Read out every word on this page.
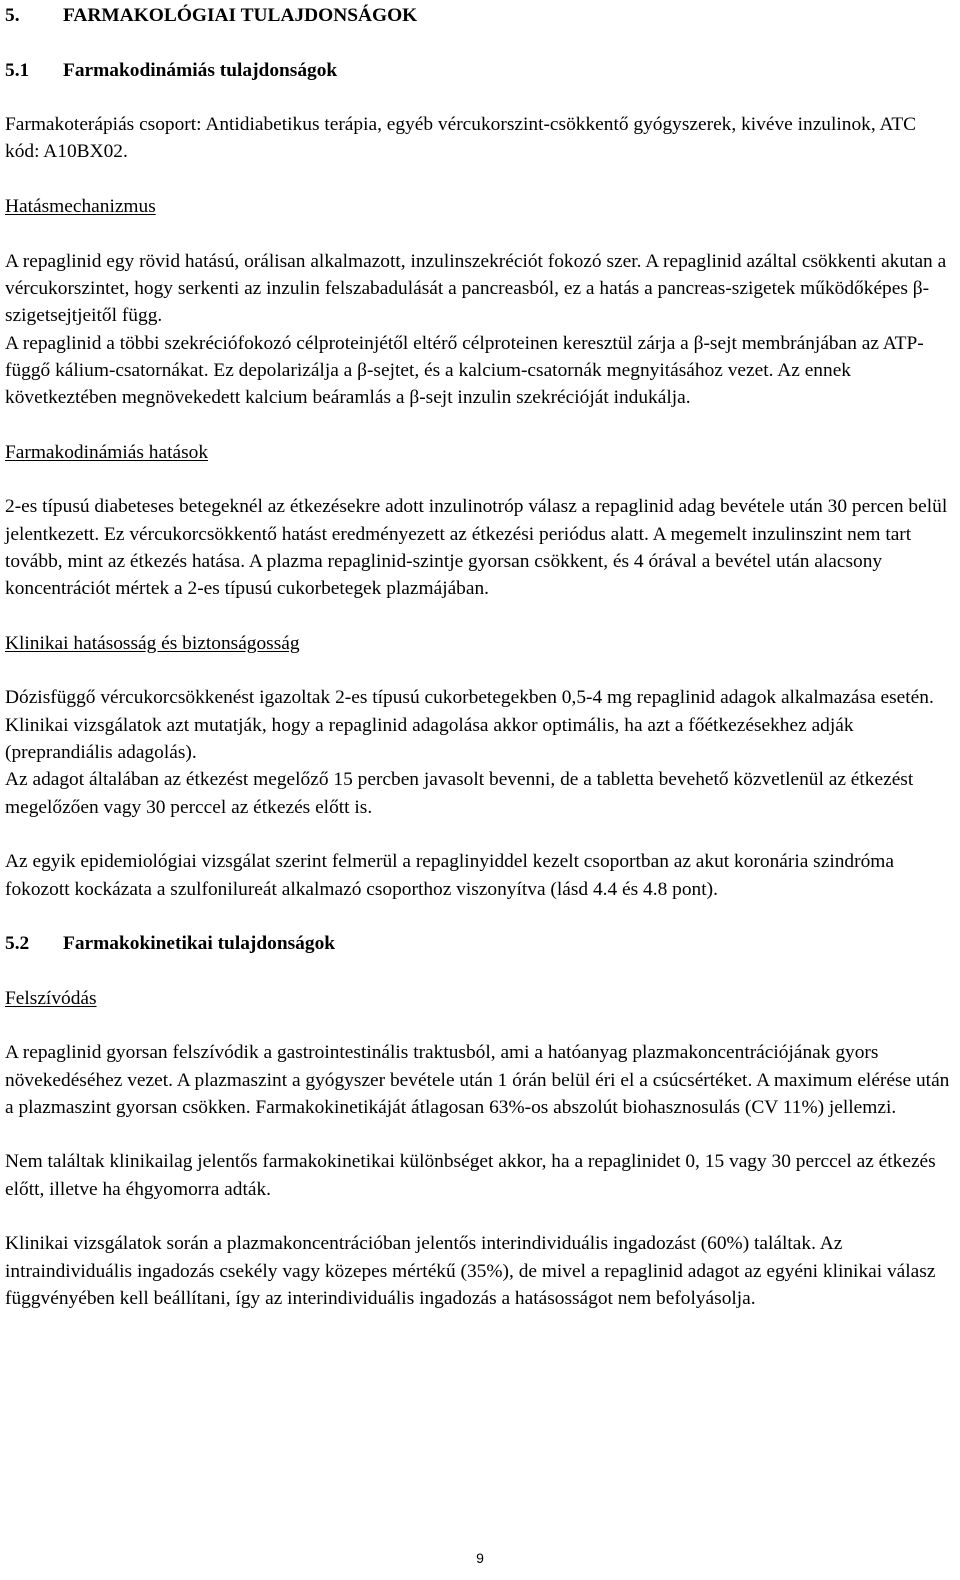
5.	FARMAKOLÓGIAI TULAJDONSÁGOK
5.1	Farmakodinámiás tulajdonságok

Farmakoterápiás csoport: Antidiabetikus terápia, egyéb vércukorszint-csökkentő gyógyszerek, kivéve inzulinok, ATC kód: A10BX02.

Hatásmechanizmus

A repaglinid egy rövid hatású, orálisan alkalmazott, inzulinszekréciót fokozó szer. A repaglinid azáltal csökkenti akutan a vércukorszintet, hogy serkenti az inzulin felszabadulását a pancreasból, ez a hatás a pancreas-szigetek működőképes β-szigetsejtjeitől függ.

A repaglinid a többi szekréciófokozó célproteinjétől eltérő célproteinen keresztül zárja a β-sejt membránjában az ATP-függő kálium-csatornákat. Ez depolarizálja a β-sejtet, és a kalcium-csatornák megnyitásához vezet. Az ennek következtében megnövekedett kalcium beáramlás a β-sejt inzulin szekrécióját indukálja.

Farmakodinámiás hatások

2-es típusú diabeteses betegeknél az étkezésekre adott inzulinotróp válasz a repaglinid adag bevétele után 30 percen belül jelentkezett. Ez vércukorcsökkentő hatást eredményezett az étkezési periódus alatt. A megemelt inzulinszint nem tart tovább, mint az étkezés hatása. A plazma repaglinid-szintje gyorsan csökkent, és 4 órával a bevétel után alacsony koncentrációt mértek a 2-es típusú cukorbetegek plazmájában.

Klinikai hatásosság és biztonságosság

Dózisfüggő vércukorcsökkenést igazoltak 2-es típusú cukorbetegekben 0,5-4 mg repaglinid adagok alkalmazása esetén.

Klinikai vizsgálatok azt mutatják, hogy a repaglinid adagolása akkor optimális, ha azt a főétkezésekhez adják (preprandiális adagolás).

Az adagot általában az étkezést megelőző 15 percben javasolt bevenni, de a tabletta bevehető közvetlenül az étkezést megelőzően vagy 30 perccel az étkezés előtt is.

Az egyik epidemiológiai vizsgálat szerint felmerül a repaglinyiddel kezelt csoportban az akut koronária szindróma fokozott kockázata a szulfonilureát alkalmazó csoporthoz viszonyítva (lásd 4.4 és 4.8 pont).

5.2	Farmakokinetikai tulajdonságok

Felszívódás

A repaglinid gyorsan felszívódik a gastrointestinális traktusból, ami a hatóanyag plazmakoncentrációjának gyors növekedéséhez vezet. A plazmaszint a gyógyszer bevétele után 1 órán belül éri el a csúcsértéket. A maximum elérése után a plazmaszint gyorsan csökken. Farmakokinetikáját átlagosan 63%-os abszolút biohasznosulás (CV 11%) jellemzi.

Nem találtak klinikailag jelentős farmakokinetikai különbséget akkor, ha a repaglinidet 0, 15 vagy 30 perccel az étkezés előtt, illetve ha éhgyomorra adták.

Klinikai vizsgálatok során a plazmakoncentrációban jelentős interindividuális ingadozást (60%) találtak. Az intraindividuális ingadozás csekély vagy közepes mértékű (35%), de mivel a repaglinid adagot az egyéni klinikai válasz függvényében kell beállítani, így az interindividuális ingadozás a hatásosságot nem befolyásolja.

9
